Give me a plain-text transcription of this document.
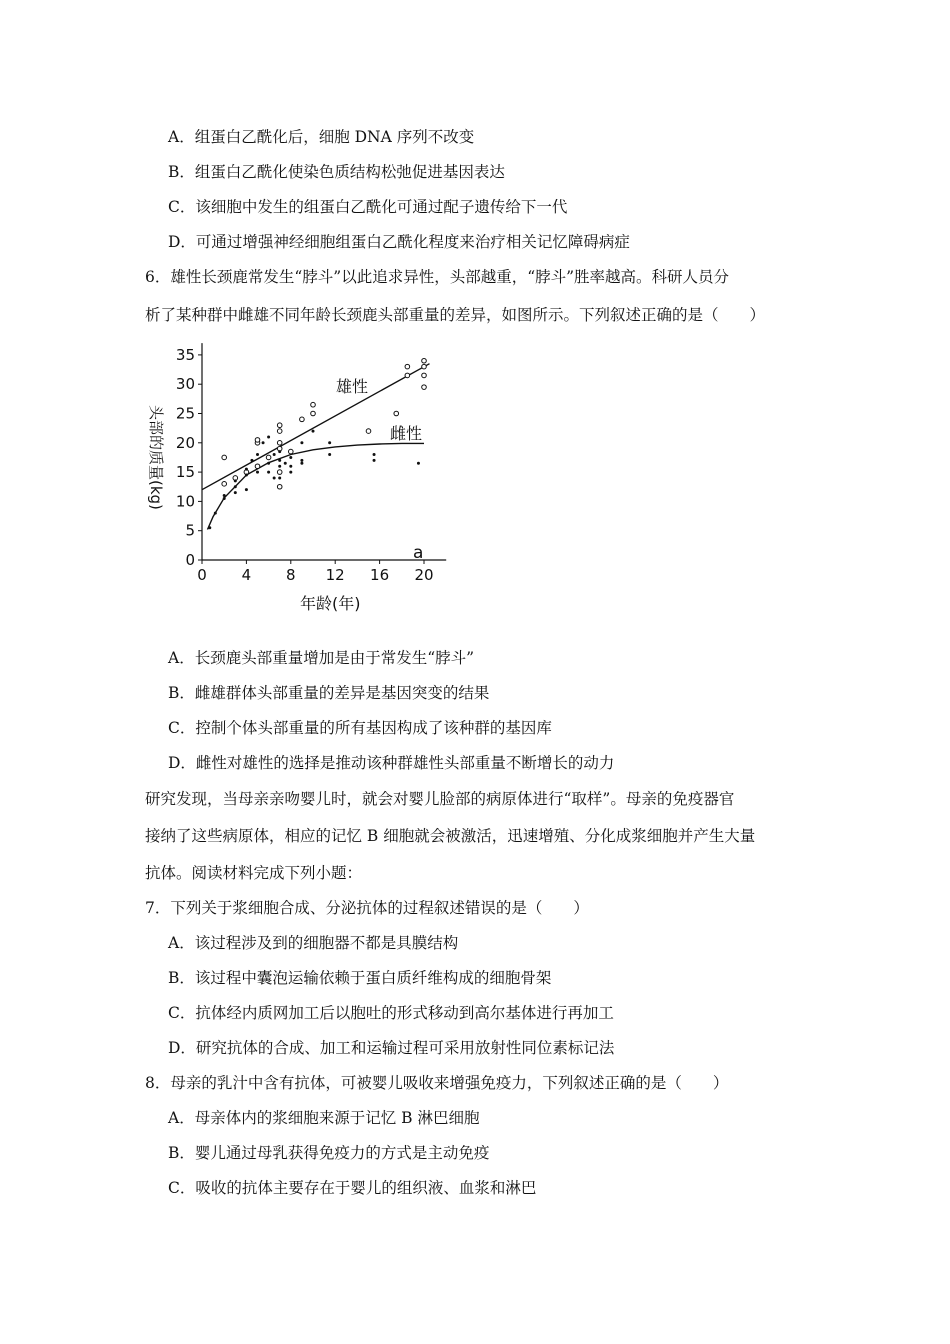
A．组蛋白乙酰化后，细胞 DNA 序列不改变
B．组蛋白乙酰化使染色质结构松弛促进基因表达
C．该细胞中发生的组蛋白乙酰化可通过配子遗传给下一代
D．可通过增强神经细胞组蛋白乙酰化程度来治疗相关记忆障碍病症
6．雄性长颈鹿常发生“脖斗”以此追求异性，头部越重，“脖斗”胜率越高。科研人员分
析了某种群中雌雄不同年龄长颈鹿头部重量的差异，如图所示。下列叙述正确的是（　　）
0 4 8 12 16 20
0
5
10
15
20
25
30
35
雄性
雌性
a
年龄(年)
头部的质量(kg)
A．长颈鹿头部重量增加是由于常发生“脖斗”
B．雌雄群体头部重量的差异是基因突变的结果
C．控制个体头部重量的所有基因构成了该种群的基因库
D．雌性对雄性的选择是推动该种群雄性头部重量不断增长的动力
研究发现，当母亲亲吻婴儿时，就会对婴儿脸部的病原体进行“取样”。母亲的免疫器官
接纳了这些病原体，相应的记忆 B 细胞就会被激活，迅速增殖、分化成浆细胞并产生大量
抗体。阅读材料完成下列小题：
7．下列关于浆细胞合成、分泌抗体的过程叙述错误的是（　　）
A．该过程涉及到的细胞器不都是具膜结构
B．该过程中囊泡运输依赖于蛋白质纤维构成的细胞骨架
C．抗体经内质网加工后以胞吐的形式移动到高尔基体进行再加工
D．研究抗体的合成、加工和运输过程可采用放射性同位素标记法
8．母亲的乳汁中含有抗体，可被婴儿吸收来增强免疫力，下列叙述正确的是（　　）
A．母亲体内的浆细胞来源于记忆 B 淋巴细胞
B．婴儿通过母乳获得免疫力的方式是主动免疫
C．吸收的抗体主要存在于婴儿的组织液、血浆和淋巴
